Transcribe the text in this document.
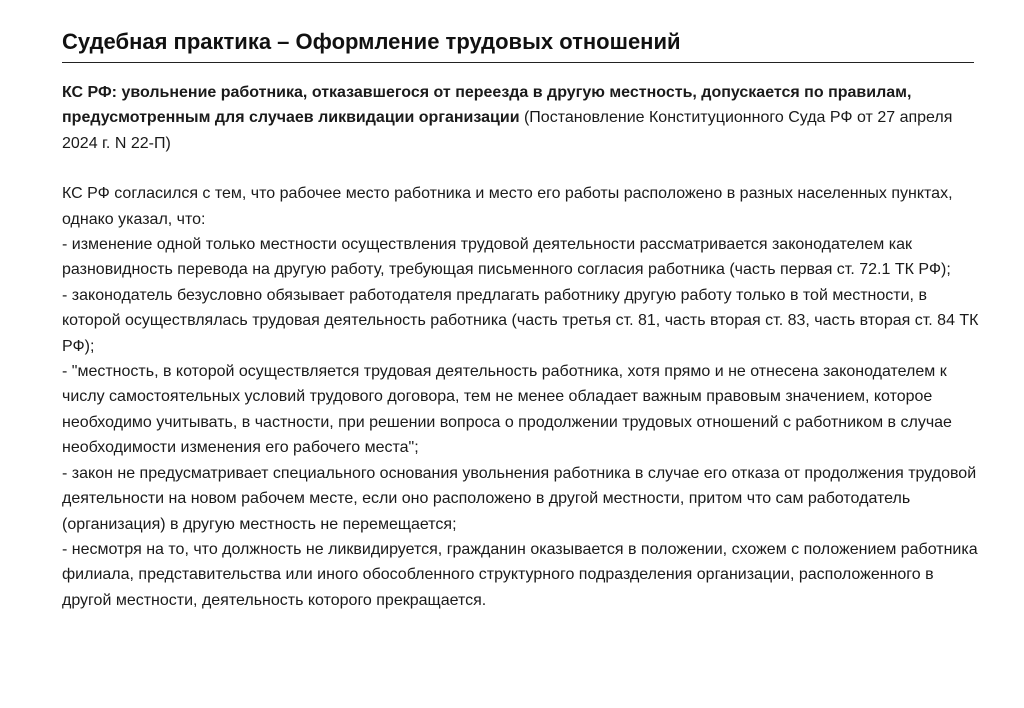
Судебная практика – Оформление трудовых отношений

КС РФ: увольнение работника, отказавшегося от переезда в другую местность, допускается по правилам, предусмотренным для случаев ликвидации организации (Постановление Конституционного Суда РФ от 27 апреля 2024 г. N 22-П)

КС РФ согласился с тем, что рабочее место работника и место его работы расположено в разных населенных пунктах, однако указал, что:

- изменение одной только местности осуществления трудовой деятельности рассматривается законодателем как разновидность перевода на другую работу, требующая письменного согласия работника (часть первая ст. 72.1 ТК РФ);

- законодатель безусловно обязывает работодателя предлагать работнику другую работу только в той местности, в которой осуществлялась трудовая деятельность работника (часть третья ст. 81, часть вторая ст. 83, часть вторая ст. 84 ТК РФ);

- "местность, в которой осуществляется трудовая деятельность работника, хотя прямо и не отнесена законодателем к числу самостоятельных условий трудового договора, тем не менее обладает важным правовым значением, которое необходимо учитывать, в частности, при решении вопроса о продолжении трудовых отношений с работником в случае необходимости изменения его рабочего места";

- закон не предусматривает специального основания увольнения работника в случае его отказа от продолжения трудовой деятельности на новом рабочем месте, если оно расположено в другой местности, притом что сам работодатель (организация) в другую местность не перемещается;

- несмотря на то, что должность не ликвидируется, гражданин оказывается в положении, схожем с положением работника филиала, представительства или иного обособленного структурного подразделения организации, расположенного в другой местности, деятельность которого прекращается.
